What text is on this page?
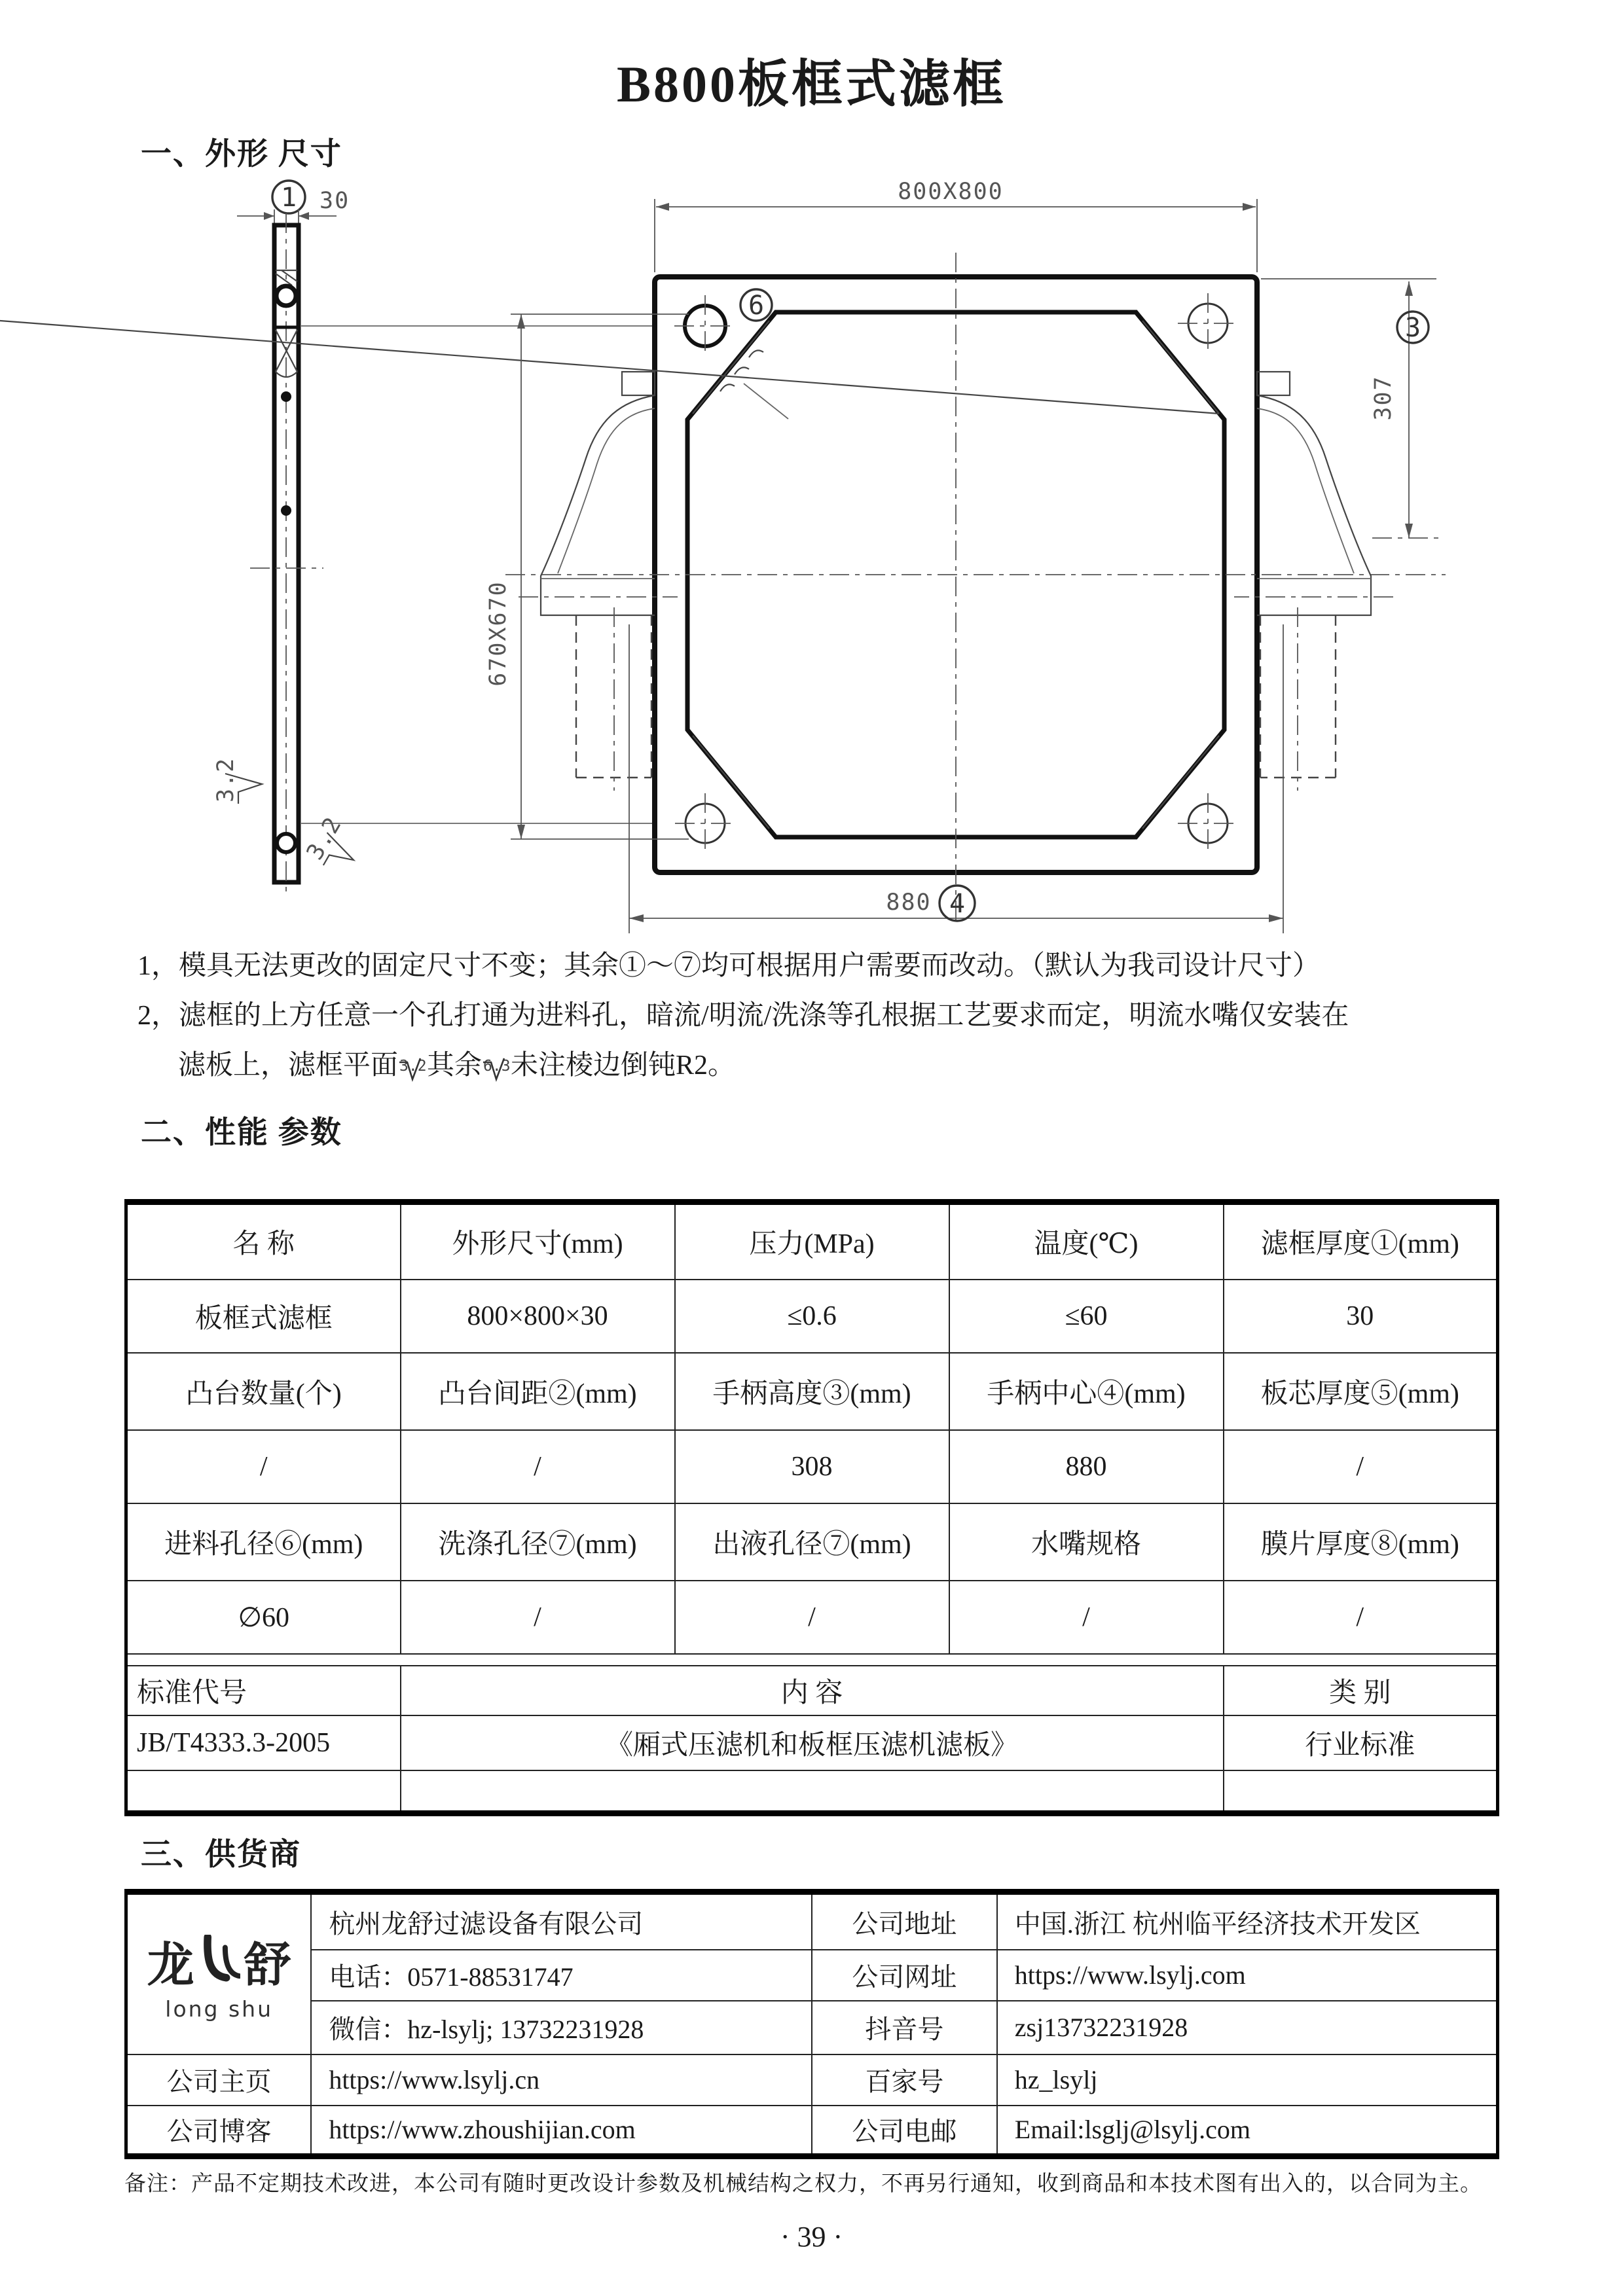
B800板框式滤框
一、外形 尺寸
1 30
3.2
3.2
800X800
6
670X670
3
307
880 4
1，模具无法更改的固定尺寸不变；其余①～⑦均可根据用户需要而改动。（默认为我司设计尺寸）
2，滤框的上方任意一个孔打通为进料孔，暗流/明流/洗涤等孔根据工艺要求而定，明流水嘴仅安装在
滤板上，滤框平面 3.2 其余 6.3 未注棱边倒钝R2。
二、性能 参数
名 称	外形尺寸(mm)	压力(MPa)	温度(℃)	滤框厚度①(mm)
板框式滤框	800×800×30	≤0.6	≤60	30
凸台数量(个)	凸台间距②(mm)	手柄高度③(mm)	手柄中心④(mm)	板芯厚度⑤(mm)
/	/	308	880	/
进料孔径⑥(mm)	洗涤孔径⑦(mm)	出液孔径⑦(mm)	水嘴规格	膜片厚度⑧(mm)
∅60	/	/	/	/

标准代号	内 容			类 别
JB/T4333.3-2005	《厢式压滤机和板框压滤机滤板》			行业标准

三、供货商
龙 舒
long shu	杭州龙舒过滤设备有限公司	公司地址	中国.浙江 杭州临平经济技术开发区
	电话：0571-88531747	公司网址	https://www.lsylj.com
	微信：hz-lsylj; 13732231928	抖音号	zsj13732231928
公司主页	https://www.lsylj.cn	百家号	hz_lsylj
公司博客	https://www.zhoushijian.com	公司电邮	Email:lsglj@lsylj.com
备注：产品不定期技术改进，本公司有随时更改设计参数及机械结构之权力，不再另行通知，收到商品和本技术图有出入的，以合同为主。
· 39 ·
